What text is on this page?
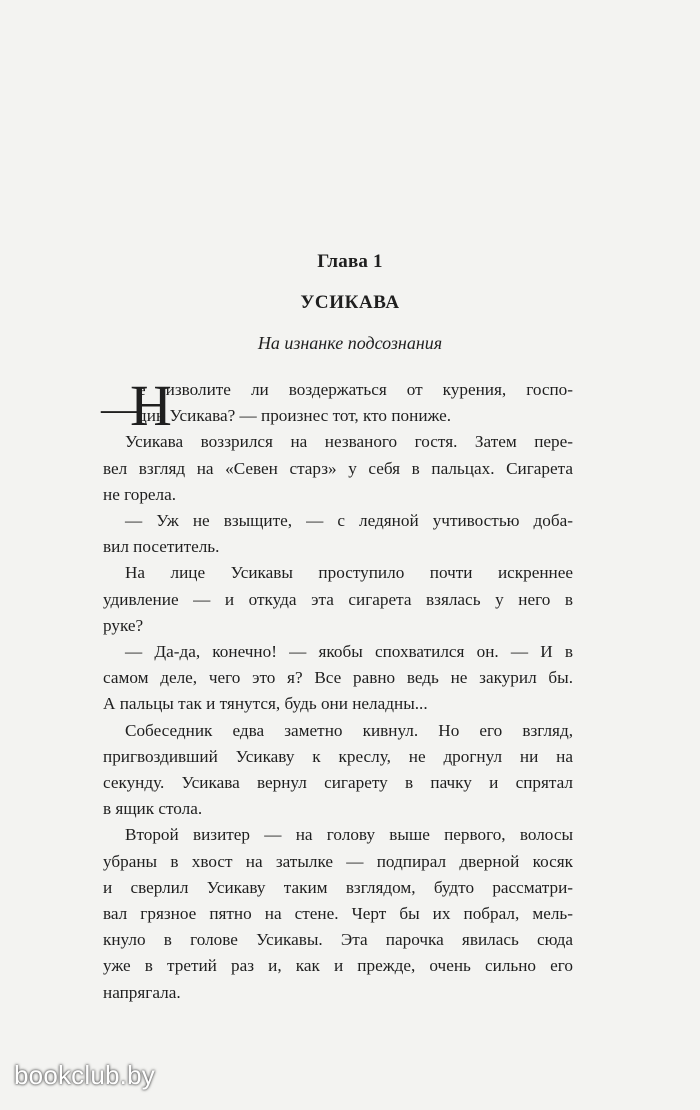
Глава 1
УСИКАВА
На изнанке подсознания
—
Н
е изволите ли воздержаться от курения, госпо-
дин Усикава? — произнес тот, кто пониже.

Усикава воззрился на незваного гостя. Затем пере-
вел взгляд на «Севен старз» у себя в пальцах. Сигарета
не горела.

— Уж не взыщите, — с ледяной учтивостью доба-
вил посетитель.

На лице Усикавы проступило почти искреннее
удивление — и откуда эта сигарета взялась у него в
руке?

— Да-да, конечно! — якобы спохватился он. — И в
самом деле, чего это я? Все равно ведь не закурил бы.
А пальцы так и тянутся, будь они неладны...

Собеседник едва заметно кивнул. Но его взгляд,
пригвоздивший Усикаву к креслу, не дрогнул ни на
секунду. Усикава вернул сигарету в пачку и спрятал
в ящик стола.

Второй визитер — на голову выше первого, волосы
убраны в хвост на затылке — подпирал дверной косяк
и сверлил Усикаву таким взглядом, будто рассматри-
вал грязное пятно на стене. Черт бы их побрал, мель-
кнуло в голове Усикавы. Эта парочка явилась сюда
уже в третий раз и, как и прежде, очень сильно его
напрягала.

bookclub.by
